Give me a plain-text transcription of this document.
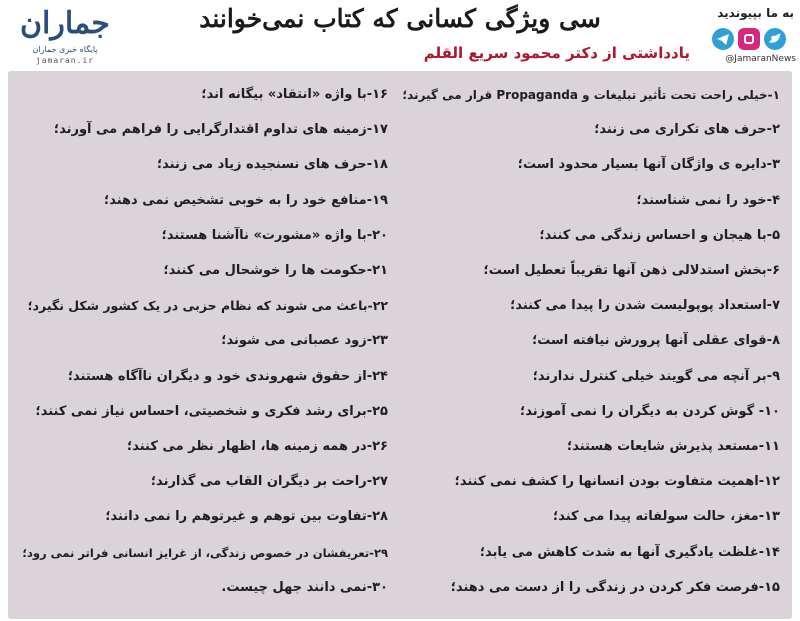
جماران
پایگاه خبری جماران
jamaran.ir
سی ویژگی کسانی که کتاب نمی‌خوانند
یادداشتی از دکتر محمود سریع القلم
به ما بپیوندید
@JamaranNews
۱-خیلی راحت تحت تأثیر تبلیغات و Propaganda قرار می گیرند؛
۲-حرف های تکراری می زنند؛
۳-دایره ی واژگان آنها بسیار محدود است؛
۴-خود را نمی شناسند؛
۵-با هیجان و احساس زندگی می کنند؛
۶-بخش استدلالی ذهن آنها تقریباً تعطیل است؛
۷-استعداد پوپولیست شدن را پیدا می کنند؛
۸-قوای عقلی آنها پرورش نیافته است؛
۹-بر آنچه می گویند خیلی کنترل ندارند؛
۱۰- گوش کردن به دیگران را نمی آموزند؛
۱۱-مستعد پذیرش شایعات هستند؛
۱۲-اهمیت متفاوت بودن انسانها را کشف نمی کنند؛
۱۳-مغز، حالت سولفاته پیدا می کند؛
۱۴-غلظت یادگیری آنها به شدت کاهش می یابد؛
۱۵-فرصت فکر کردن در زندگی را از دست می دهند؛
۱۶-با واژه «انتقاد» بیگانه اند؛
۱۷-زمینه های تداوم اقتدارگرایی را فراهم می آورند؛
۱۸-حرف های نسنجیده زیاد می زنند؛
۱۹-منافع خود را به خوبی تشخیص نمی دهند؛
۲۰-با واژه «مشورت» ناآشنا هستند؛
۲۱-حکومت ها را خوشحال می کنند؛
۲۲-باعث می شوند که نظام حزبی در یک کشور شکل نگیرد؛
۲۳-زود عصبانی می شوند؛
۲۴-از حقوق شهروندی خود و دیگران ناآگاه هستند؛
۲۵-برای رشد فکری و شخصیتی، احساس نیاز نمی کنند؛
۲۶-در همه زمینه ها، اظهار نظر می کنند؛
۲۷-راحت بر دیگران القاب می گذارند؛
۲۸-تفاوت بین توهم و غیرتوهم را نمی دانند؛
۲۹-تعریفشان در خصوص زندگی، از غرایز انسانی فراتر نمی رود؛
۳۰-نمی دانند جهل چیست.
